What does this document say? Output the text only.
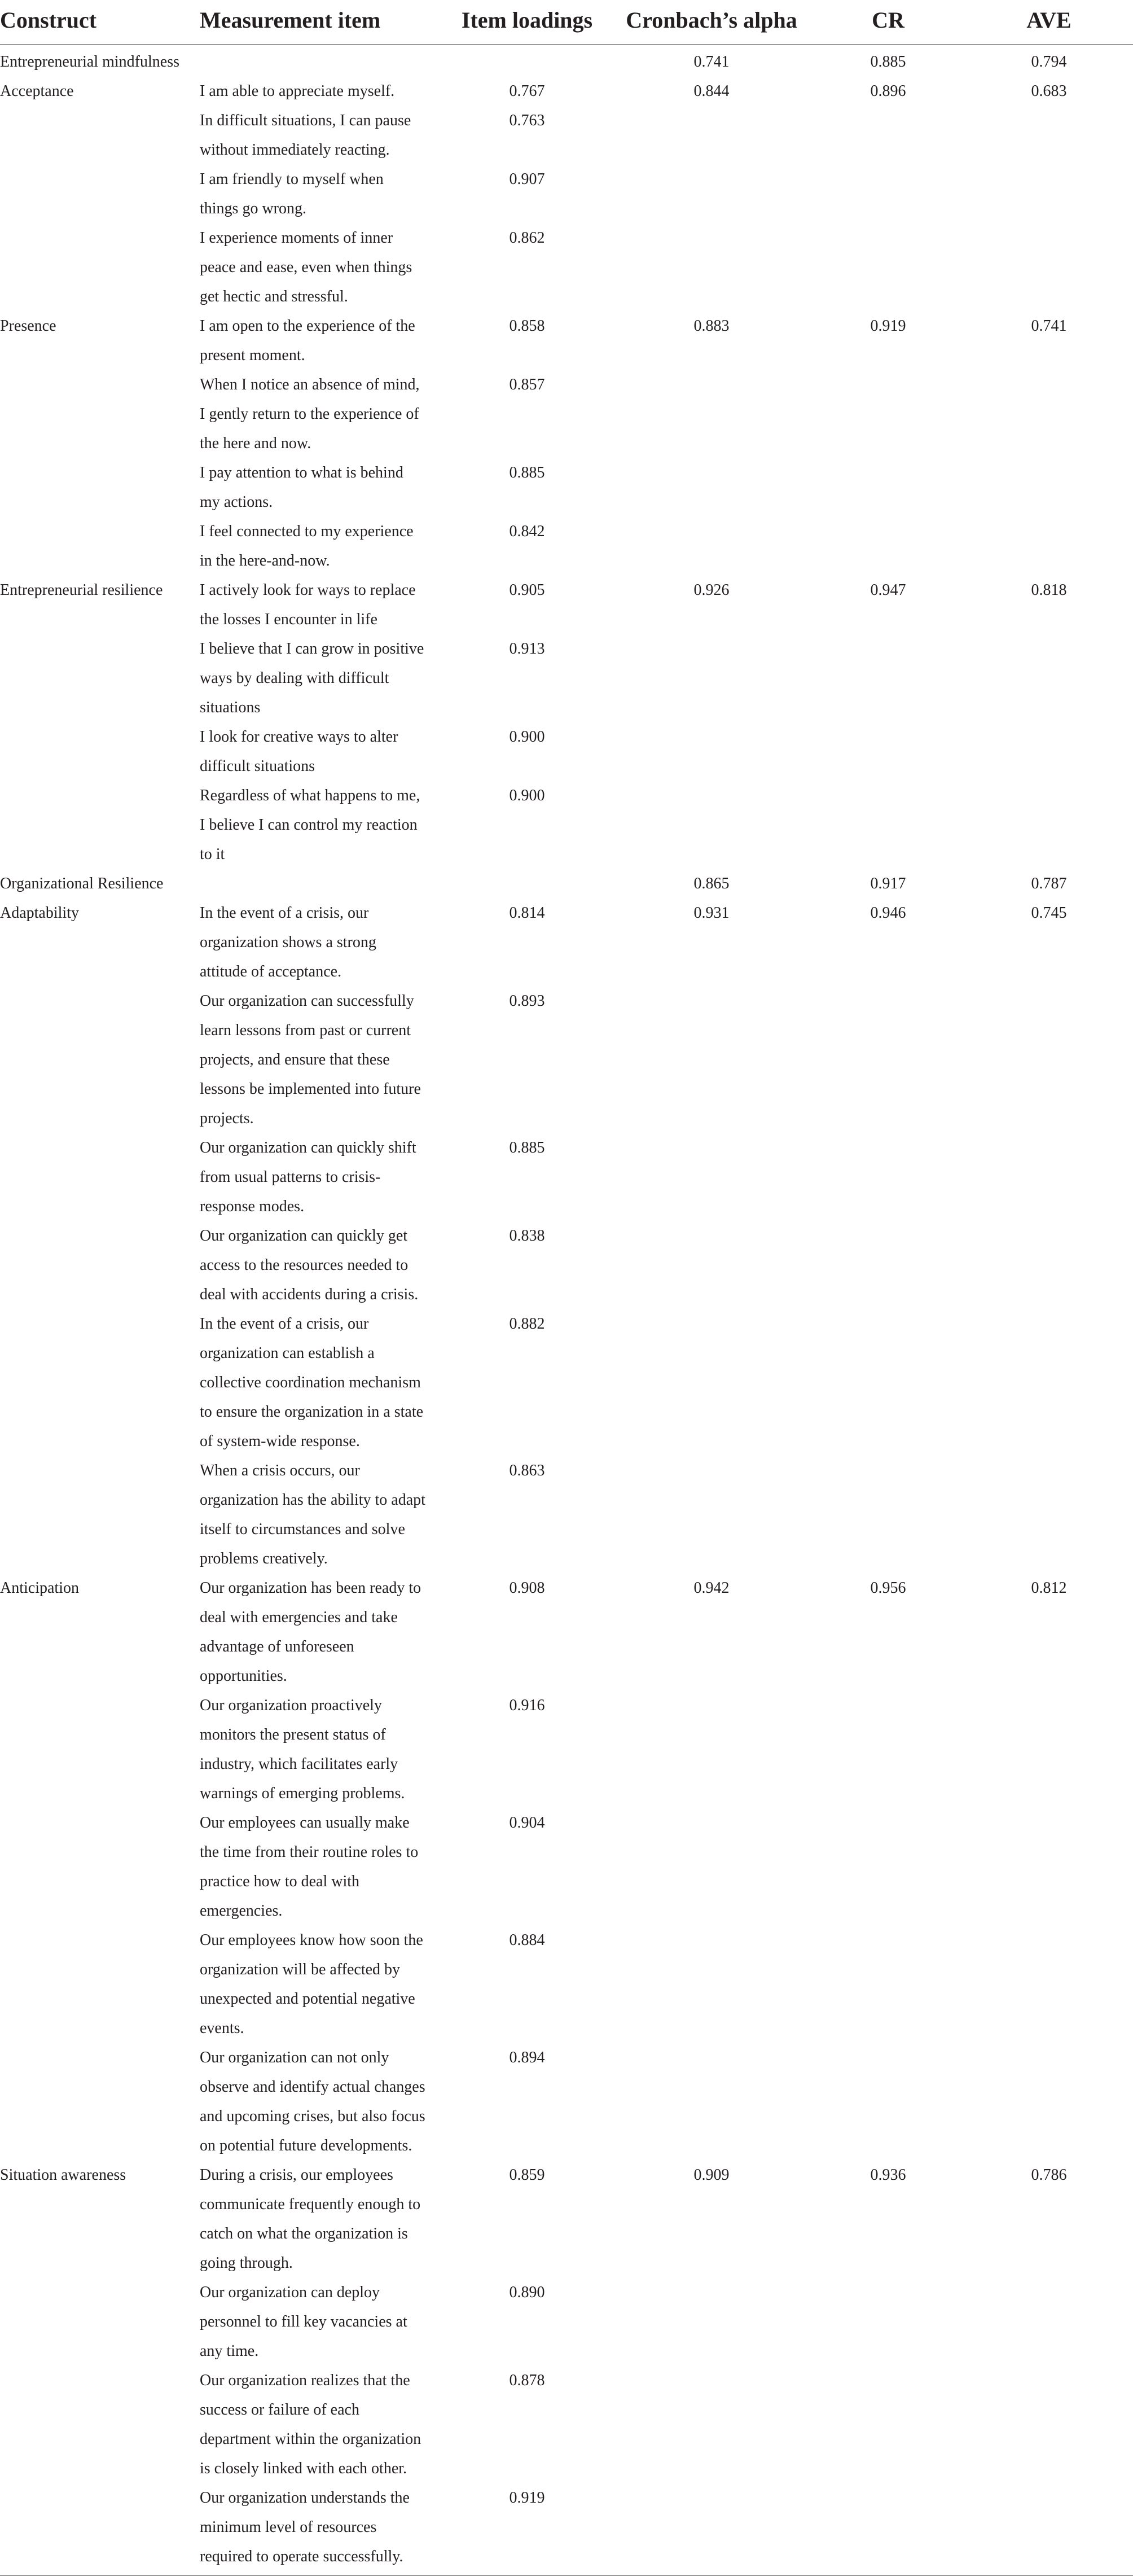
Construct	Measurement item	Item loadings	Cronbach’s alpha	CR	AVE
Entrepreneurial mindfulness			0.741	0.885	0.794
Acceptance	I am able to appreciate myself.	0.767	0.844	0.896	0.683
	In difficult situations, I can pause without immediately reacting.	0.763			
	I am friendly to myself when things go wrong.	0.907			
	I experience moments of inner peace and ease, even when things get hectic and stressful.	0.862			
Presence	I am open to the experience of the present moment.	0.858	0.883	0.919	0.741
	When I notice an absence of mind, I gently return to the experience of the here and now.	0.857			
	I pay attention to what is behind my actions.	0.885			
	I feel connected to my experience in the here-and-now.	0.842			
Entrepreneurial resilience	I actively look for ways to replace the losses I encounter in life	0.905	0.926	0.947	0.818
	I believe that I can grow in positive ways by dealing with difficult situations	0.913			
	I look for creative ways to alter difficult situations	0.900			
	Regardless of what happens to me, I believe I can control my reaction to it	0.900			
Organizational Resilience			0.865	0.917	0.787
Adaptability	In the event of a crisis, our organization shows a strong attitude of acceptance.	0.814	0.931	0.946	0.745
	Our organization can successfully learn lessons from past or current projects, and ensure that these lessons be implemented into future projects.	0.893			
	Our organization can quickly shift from usual patterns to crisis-response modes.	0.885			
	Our organization can quickly get access to the resources needed to deal with accidents during a crisis.	0.838			
	In the event of a crisis, our organization can establish a collective coordination mechanism to ensure the organization in a state of system-wide response.	0.882			
	When a crisis occurs, our organization has the ability to adapt itself to circumstances and solve problems creatively.	0.863			
Anticipation	Our organization has been ready to deal with emergencies and take advantage of unforeseen opportunities.	0.908	0.942	0.956	0.812
	Our organization proactively monitors the present status of industry, which facilitates early warnings of emerging problems.	0.916			
	Our employees can usually make the time from their routine roles to practice how to deal with emergencies.	0.904			
	Our employees know how soon the organization will be affected by unexpected and potential negative events.	0.884			
	Our organization can not only observe and identify actual changes and upcoming crises, but also focus on potential future developments.	0.894			
Situation awareness	During a crisis, our employees communicate frequently enough to catch on what the organization is going through.	0.859	0.909	0.936	0.786
	Our organization can deploy personnel to fill key vacancies at any time.	0.890			
	Our organization realizes that the success or failure of each department within the organization is closely linked with each other.	0.878			
	Our organization understands the minimum level of resources required to operate successfully.	0.919			
